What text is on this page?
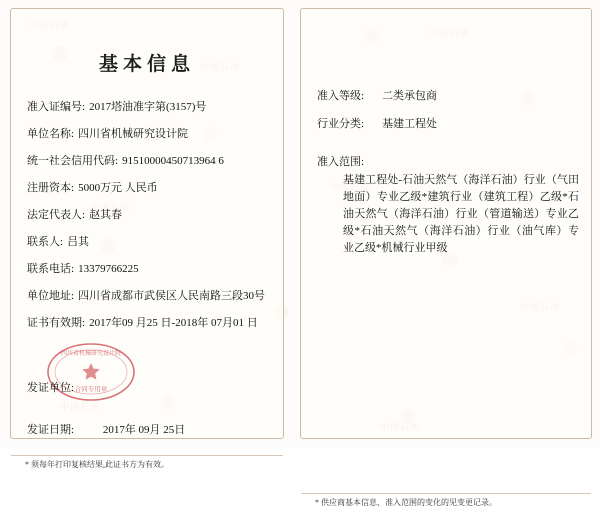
基本信息
准入证编号: 2017塔油准字第(3157)号
单位名称: 四川省机械研究设计院
统一社会信用代码: 91510000450713964 6
注册资本: 5000万元 人民币
法定代表人: 赵其春
联系人: 吕其
联系电话: 13379766225
单位地址: 四川省成都市武侯区人民南路三段30号
证书有效期: 2017年09 月25 日-2018年 07月01 日
四川省机械研究设计院
合同专用章
发证单位:
发证日期:	2017年 09月 25日
* 须每年打印复核结果,此证书方为有效。
准入等级: 二类承包商
行业分类: 基建工程处
准入范围:
基建工程处-石油天然气（海洋石油）行业（气田地面）专业乙级*建筑行业（建筑工程）乙级*石油天然气（海洋石油）行业（管道输送）专业乙级*石油天然气（海洋石油）行业（油气库）专业乙级*机械行业甲级
* 供应商基本信息、准入范围的变化的见变更记录。
